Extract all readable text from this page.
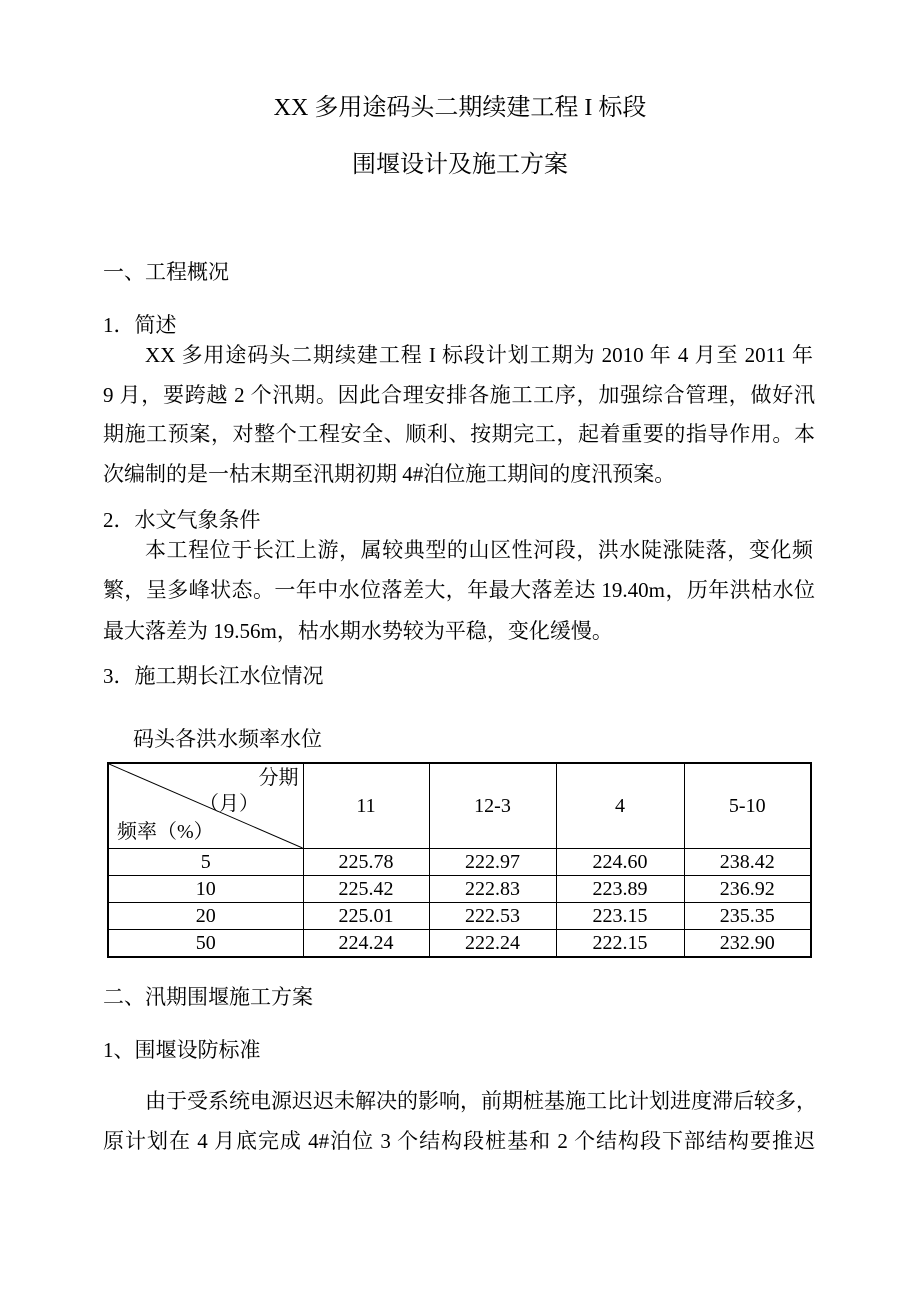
XX 多用途码头二期续建工程 I 标段
围堰设计及施工方案
一、工程概况
1．简述
XX 多用途码头二期续建工程 I 标段计划工期为 2010 年 4 月至 2011 年
9 月，要跨越 2 个汛期。因此合理安排各施工工序，加强综合管理，做好汛
期施工预案，对整个工程安全、顺利、按期完工，起着重要的指导作用。本
次编制的是一枯末期至汛期初期 4#泊位施工期间的度汛预案。
2．水文气象条件
本工程位于长江上游，属较典型的山区性河段，洪水陡涨陡落，变化频
繁，呈多峰状态。一年中水位落差大，年最大落差达 19.40m，历年洪枯水位
最大落差为 19.56m，枯水期水势较为平稳，变化缓慢。
3．施工期长江水位情况
码头各洪水频率水位
分期
（月）
频率（%）	11	12-3	4	5-10
5	225.78	222.97	224.60	238.42
10	225.42	222.83	223.89	236.92
20	225.01	222.53	223.15	235.35
50	224.24	222.24	222.15	232.90
二、汛期围堰施工方案
1、围堰设防标准
由于受系统电源迟迟未解决的影响，前期桩基施工比计划进度滞后较多，
原计划在 4 月底完成 4#泊位 3 个结构段桩基和 2 个结构段下部结构要推迟
